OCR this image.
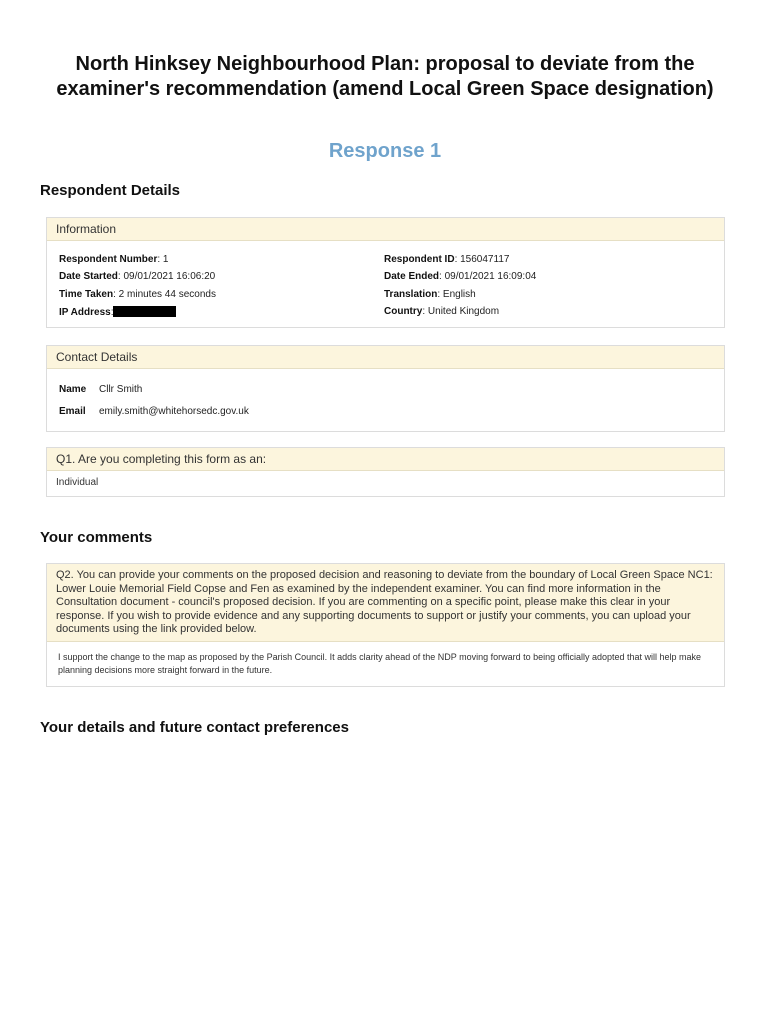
North Hinksey Neighbourhood Plan: proposal to deviate from the examiner's recommendation (amend Local Green Space designation)
Response 1
Respondent Details
Information
Respondent Number: 1	Respondent ID: 156047117
Date Started: 09/01/2021 16:06:20	Date Ended: 09/01/2021 16:09:04
Time Taken: 2 minutes 44 seconds	Translation: English
IP Address:	Country: United Kingdom
Contact Details
Name Cllr Smith
Email emily.smith@whitehorsedc.gov.uk
Q1. Are you completing this form as an:
Individual
Your comments
Q2. You can provide your comments on the proposed decision and reasoning to deviate from the boundary of Local Green Space NC1: Lower Louie Memorial Field Copse and Fen as examined by the independent examiner. You can find more information in the Consultation document - council's proposed decision. If you are commenting on a specific point, please make this clear in your response. If you wish to provide evidence and any supporting documents to support or justify your comments, you can upload your documents using the link provided below.
I support the change to the map as proposed by the Parish Council. It adds clarity ahead of the NDP moving forward to being officially adopted that will help make planning decisions more straight forward in the future.
Your details and future contact preferences
